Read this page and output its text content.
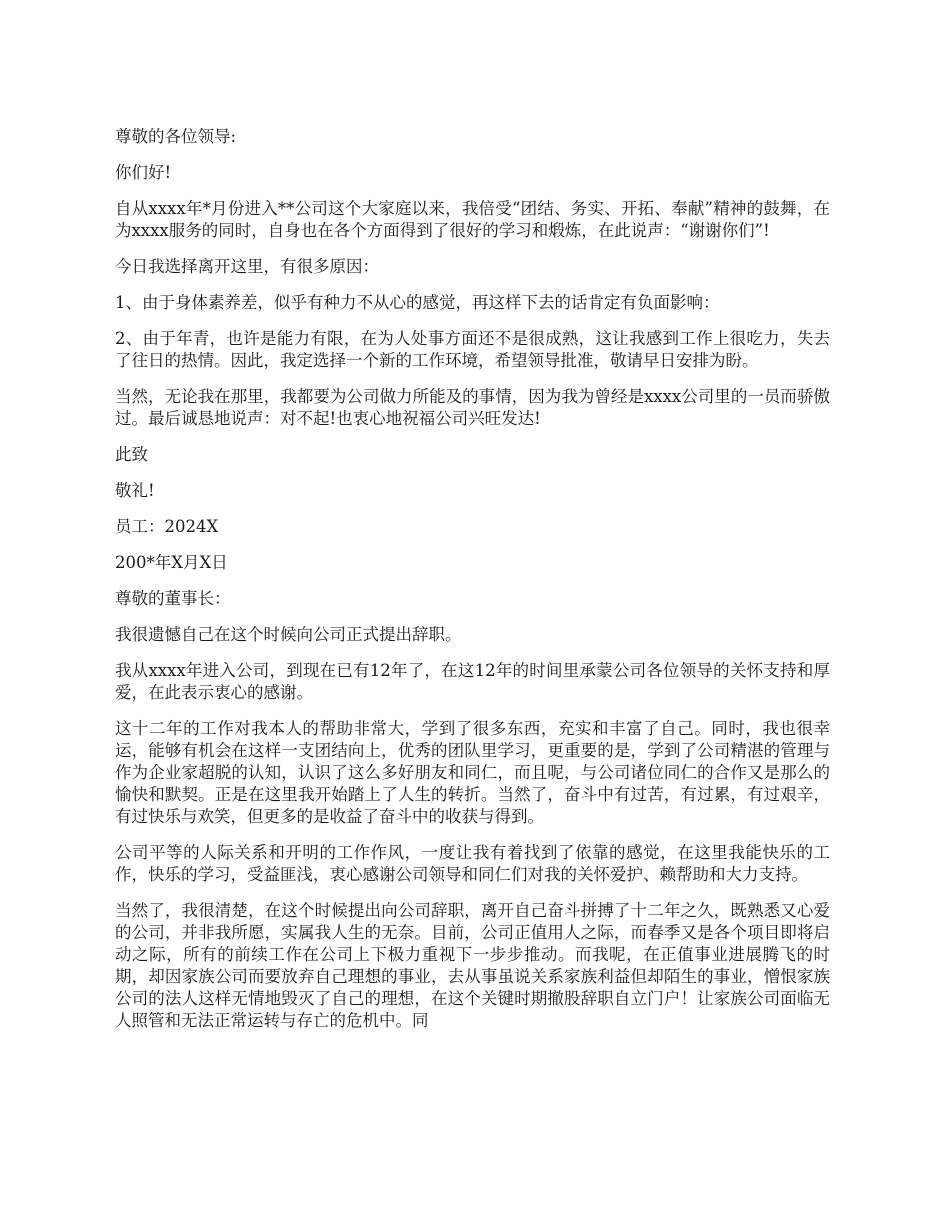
尊敬的各位领导:

你们好!

自从xxxx年*月份进入**公司这个大家庭以来，我倍受“团结、务实、开拓、奉献”精神的鼓舞，在为xxxx服务的同时，自身也在各个方面得到了很好的学习和煅炼，在此说声：“谢谢你们”!

今日我选择离开这里，有很多原因：

1、由于身体素养差，似乎有种力不从心的感觉，再这样下去的话肯定有负面影响：

2、由于年青，也许是能力有限，在为人处事方面还不是很成熟，这让我感到工作上很吃力，失去了往日的热情。因此，我定选择一个新的工作环境，希望领导批准，敬请早日安排为盼。

当然，无论我在那里，我都要为公司做力所能及的事情，因为我为曾经是xxxx公司里的一员而骄傲过。最后诚恳地说声：对不起!也衷心地祝福公司兴旺发达!

此致

敬礼!

员工：2024X

200*年X月X日

尊敬的董事长：

我很遗憾自己在这个时候向公司正式提出辞职。

我从xxxx年进入公司，到现在已有12年了，在这12年的时间里承蒙公司各位领导的关怀支持和厚爱，在此表示衷心的感谢。

这十二年的工作对我本人的帮助非常大，学到了很多东西，充实和丰富了自己。同时，我也很幸运，能够有机会在这样一支团结向上，优秀的团队里学习，更重要的是，学到了公司精湛的管理与作为企业家超脱的认知，认识了这么多好朋友和同仁，而且呢，与公司诸位同仁的合作又是那么的愉快和默契。正是在这里我开始踏上了人生的转折。当然了，奋斗中有过苦，有过累，有过艰辛，有过快乐与欢笑，但更多的是收益了奋斗中的收获与得到。

公司平等的人际关系和开明的工作作风，一度让我有着找到了依靠的感觉，在这里我能快乐的工作，快乐的学习，受益匪浅，衷心感谢公司领导和同仁们对我的关怀爱护、赖帮助和大力支持。

当然了，我很清楚，在这个时候提出向公司辞职，离开自己奋斗拼搏了十二年之久，既熟悉又心爱的公司，并非我所愿，实属我人生的无奈。目前，公司正值用人之际，而春季又是各个项目即将启动之际，所有的前续工作在公司上下极力重视下一步步推动。而我呢，在正值事业进展腾飞的时期，却因家族公司而要放弃自己理想的事业，去从事虽说关系家族利益但却陌生的事业，憎恨家族公司的法人这样无情地毁灭了自己的理想，在这个关键时期撤股辞职自立门户！让家族公司面临无人照管和无法正常运转与存亡的危机中。同
